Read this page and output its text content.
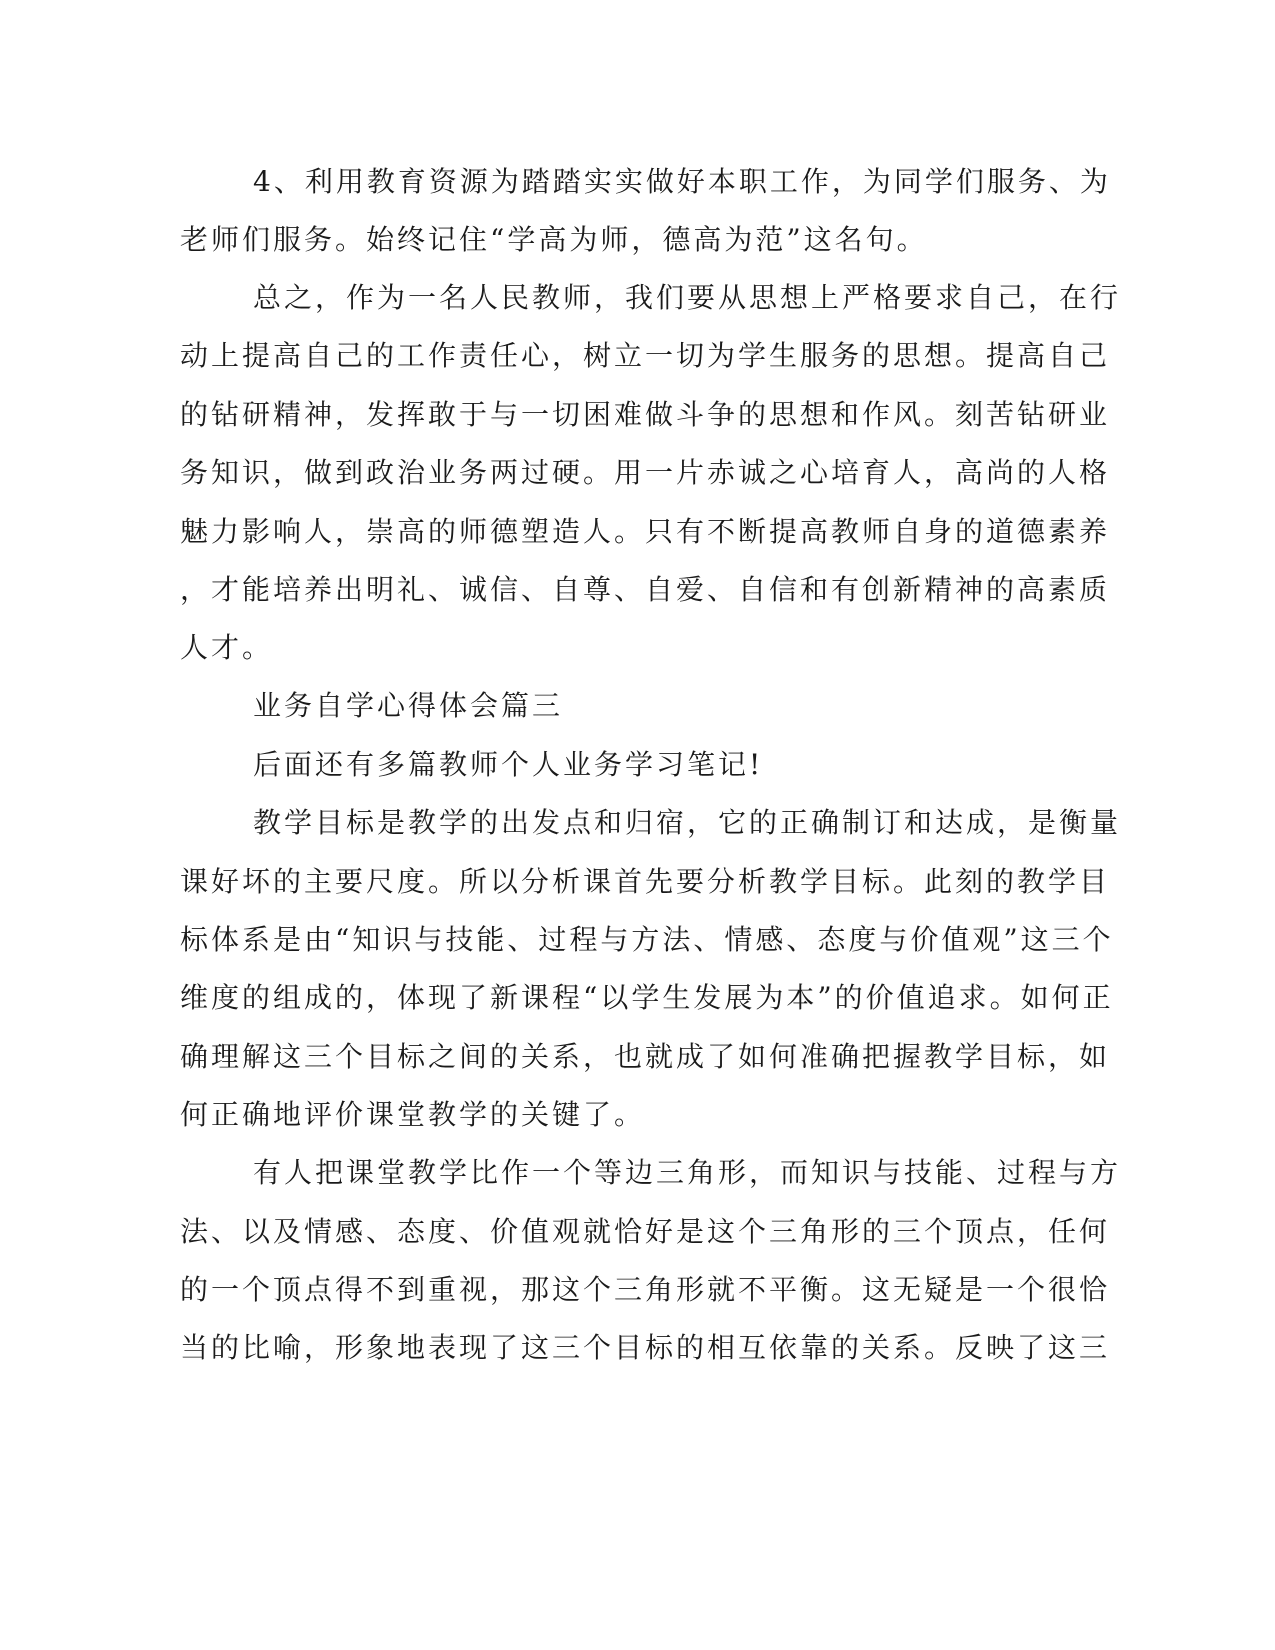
4、利用教育资源为踏踏实实做好本职工作，为同学们服务、为
老师们服务。始终记住“学高为师，德高为范”这名句。
总之，作为一名人民教师，我们要从思想上严格要求自己，在行
动上提高自己的工作责任心，树立一切为学生服务的思想。提高自己
的钻研精神，发挥敢于与一切困难做斗争的思想和作风。刻苦钻研业
务知识，做到政治业务两过硬。用一片赤诚之心培育人，高尚的人格
魅力影响人，崇高的师德塑造人。只有不断提高教师自身的道德素养
，才能培养出明礼、诚信、自尊、自爱、自信和有创新精神的高素质
人才。
业务自学心得体会篇三
后面还有多篇教师个人业务学习笔记!
教学目标是教学的出发点和归宿，它的正确制订和达成，是衡量
课好坏的主要尺度。所以分析课首先要分析教学目标。此刻的教学目
标体系是由“知识与技能、过程与方法、情感、态度与价值观”这三个
维度的组成的，体现了新课程“以学生发展为本”的价值追求。如何正
确理解这三个目标之间的关系，也就成了如何准确把握教学目标，如
何正确地评价课堂教学的关键了。
有人把课堂教学比作一个等边三角形，而知识与技能、过程与方
法、以及情感、态度、价值观就恰好是这个三角形的三个顶点，任何
的一个顶点得不到重视，那这个三角形就不平衡。这无疑是一个很恰
当的比喻，形象地表现了这三个目标的相互依靠的关系。反映了这三
